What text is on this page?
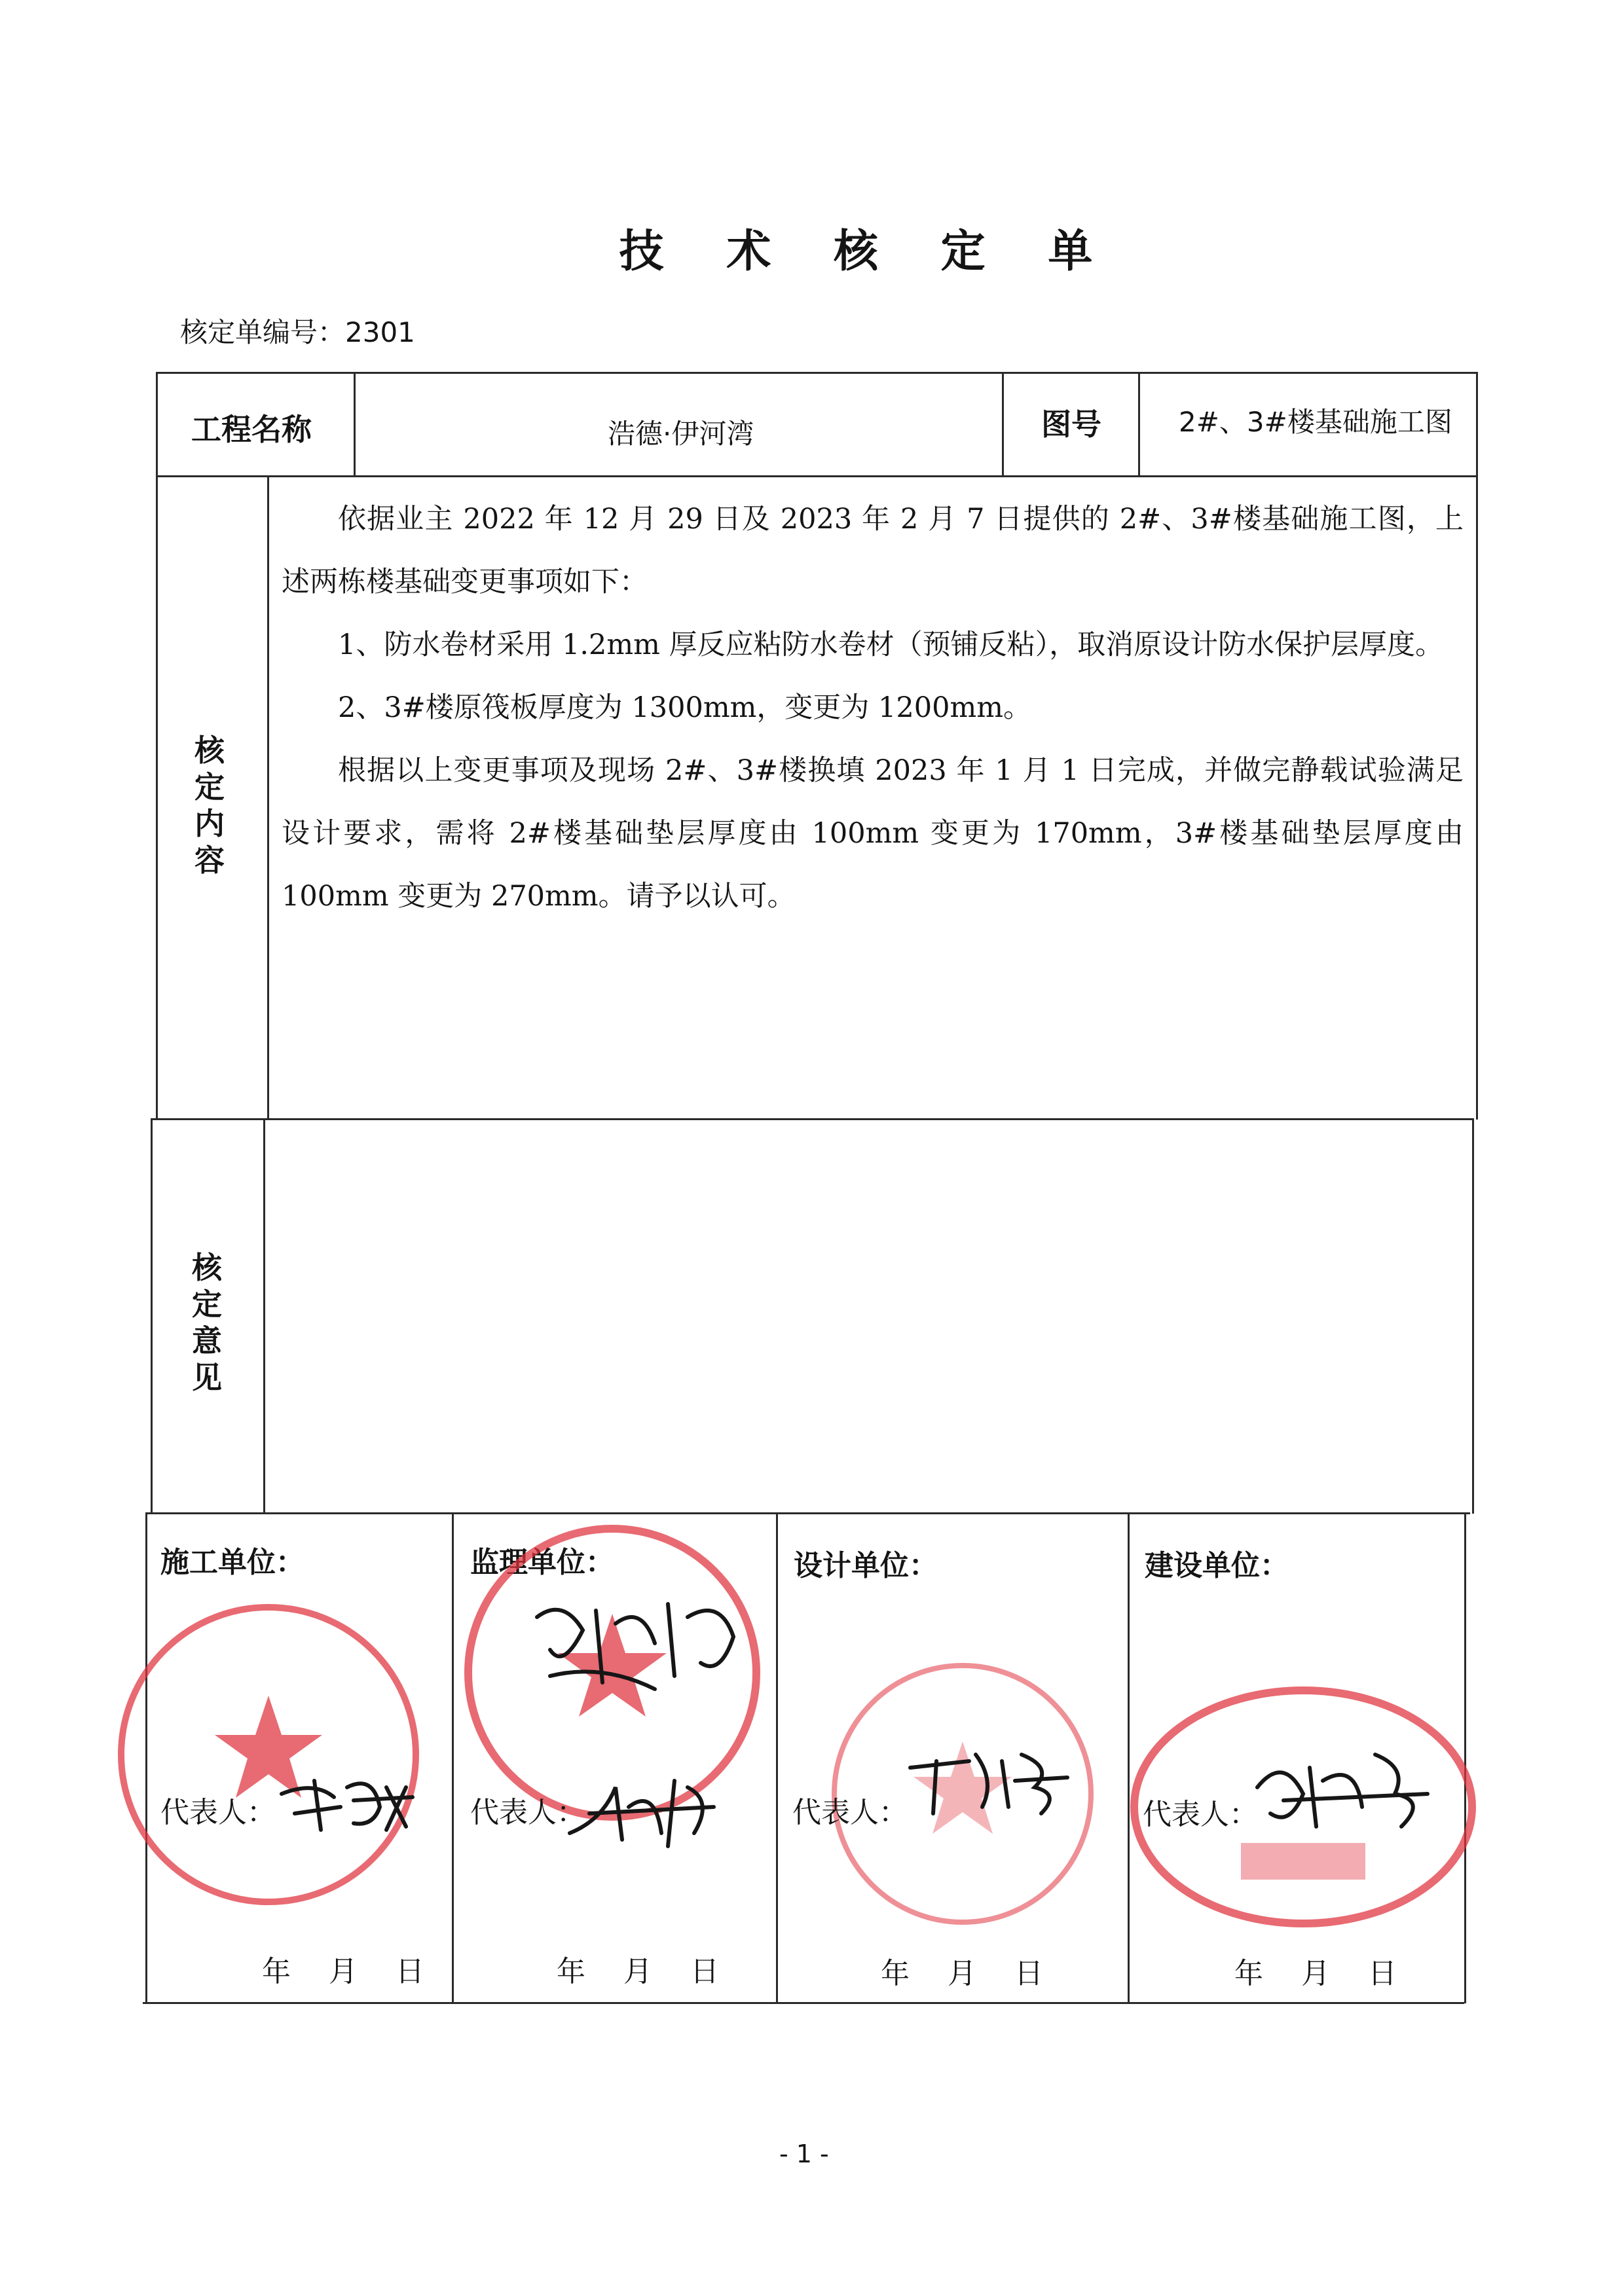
技 术 核 定 单
核定单编号：2301
工程名称	浩德·伊河湾	图号	2#、3#楼基础施工图
核定内容

依据业主 2022 年 12 月 29 日及 2023 年 2 月 7 日提供的 2#、3#楼基础施工图，上述两栋楼基础变更事项如下：

1、防水卷材采用 1.2mm 厚反应粘防水卷材（预铺反粘），取消原设计防水保护层厚度。

2、3#楼原筏板厚度为 1300mm，变更为 1200mm。

根据以上变更事项及现场 2#、3#楼换填 2023 年 1 月 1 日完成，并做完静载试验满足设计要求，需将 2#楼基础垫层厚度由 100mm 变更为 170mm，3#楼基础垫层厚度由 100mm 变更为 270mm。请予以认可。

核定意见
施工单位：
代表人：
年 月 日
监理单位：
代表人：
年 月 日
设计单位：
代表人：
年 月 日
建设单位：
代表人：
年 月 日
- 1 -
